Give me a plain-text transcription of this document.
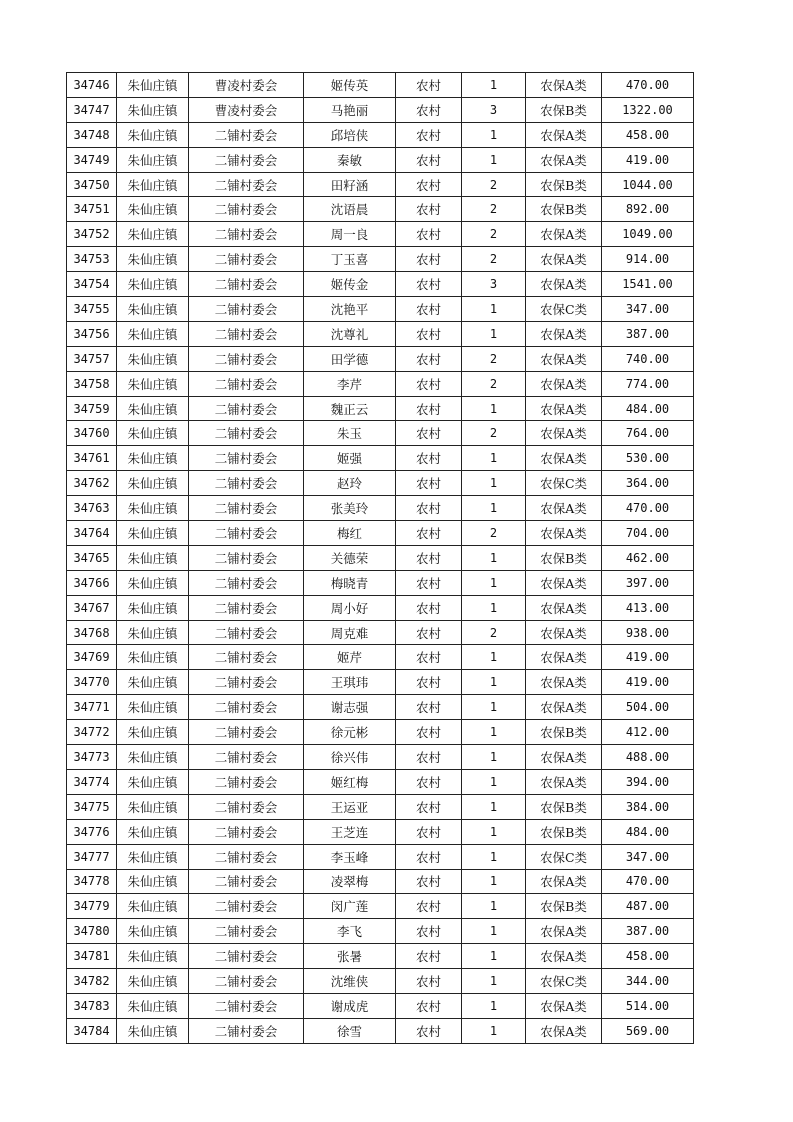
34746	朱仙庄镇	曹凌村委会	姬传英	农村	1	农保A类	470.00
34747	朱仙庄镇	曹凌村委会	马艳丽	农村	3	农保B类	1322.00
34748	朱仙庄镇	二铺村委会	邱培侠	农村	1	农保A类	458.00
34749	朱仙庄镇	二铺村委会	秦敏	农村	1	农保A类	419.00
34750	朱仙庄镇	二铺村委会	田籽涵	农村	2	农保B类	1044.00
34751	朱仙庄镇	二铺村委会	沈语晨	农村	2	农保B类	892.00
34752	朱仙庄镇	二铺村委会	周一良	农村	2	农保A类	1049.00
34753	朱仙庄镇	二铺村委会	丁玉喜	农村	2	农保A类	914.00
34754	朱仙庄镇	二铺村委会	姬传金	农村	3	农保A类	1541.00
34755	朱仙庄镇	二铺村委会	沈艳平	农村	1	农保C类	347.00
34756	朱仙庄镇	二铺村委会	沈尊礼	农村	1	农保A类	387.00
34757	朱仙庄镇	二铺村委会	田学德	农村	2	农保A类	740.00
34758	朱仙庄镇	二铺村委会	李芹	农村	2	农保A类	774.00
34759	朱仙庄镇	二铺村委会	魏正云	农村	1	农保A类	484.00
34760	朱仙庄镇	二铺村委会	朱玉	农村	2	农保A类	764.00
34761	朱仙庄镇	二铺村委会	姬强	农村	1	农保A类	530.00
34762	朱仙庄镇	二铺村委会	赵玲	农村	1	农保C类	364.00
34763	朱仙庄镇	二铺村委会	张美玲	农村	1	农保A类	470.00
34764	朱仙庄镇	二铺村委会	梅红	农村	2	农保A类	704.00
34765	朱仙庄镇	二铺村委会	关德荣	农村	1	农保B类	462.00
34766	朱仙庄镇	二铺村委会	梅晓青	农村	1	农保A类	397.00
34767	朱仙庄镇	二铺村委会	周小好	农村	1	农保A类	413.00
34768	朱仙庄镇	二铺村委会	周克难	农村	2	农保A类	938.00
34769	朱仙庄镇	二铺村委会	姬芹	农村	1	农保A类	419.00
34770	朱仙庄镇	二铺村委会	王琪玮	农村	1	农保A类	419.00
34771	朱仙庄镇	二铺村委会	谢志强	农村	1	农保A类	504.00
34772	朱仙庄镇	二铺村委会	徐元彬	农村	1	农保B类	412.00
34773	朱仙庄镇	二铺村委会	徐兴伟	农村	1	农保A类	488.00
34774	朱仙庄镇	二铺村委会	姬红梅	农村	1	农保A类	394.00
34775	朱仙庄镇	二铺村委会	王运亚	农村	1	农保B类	384.00
34776	朱仙庄镇	二铺村委会	王芝连	农村	1	农保B类	484.00
34777	朱仙庄镇	二铺村委会	李玉峰	农村	1	农保C类	347.00
34778	朱仙庄镇	二铺村委会	凌翠梅	农村	1	农保A类	470.00
34779	朱仙庄镇	二铺村委会	闵广莲	农村	1	农保B类	487.00
34780	朱仙庄镇	二铺村委会	李飞	农村	1	农保A类	387.00
34781	朱仙庄镇	二铺村委会	张暑	农村	1	农保A类	458.00
34782	朱仙庄镇	二铺村委会	沈维侠	农村	1	农保C类	344.00
34783	朱仙庄镇	二铺村委会	谢成虎	农村	1	农保A类	514.00
34784	朱仙庄镇	二铺村委会	徐雪	农村	1	农保A类	569.00
